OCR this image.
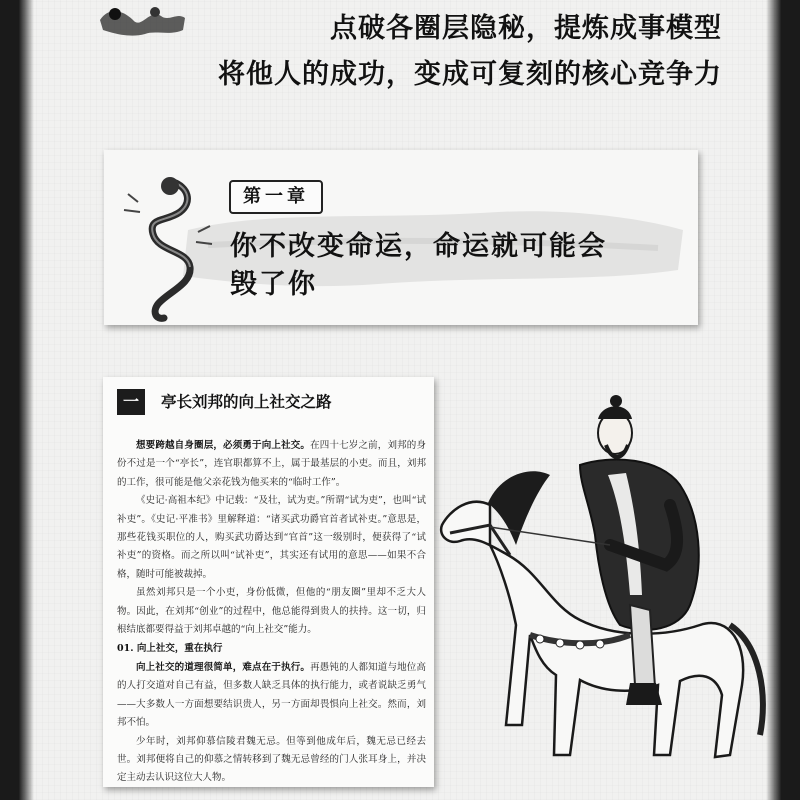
点破各圈层隐秘，提炼成事模型
将他人的成功，变成可复刻的核心竞争力
第一章
你不改变命运，命运就可能会
毁了你
一	亭长刘邦的向上社交之路

想要跨越自身圈层，必须勇于向上社交。在四十七岁之前，刘邦的身份不过是一个“亭长”，连官职都算不上，属于最基层的小吏。而且，刘邦的工作，很可能是他父亲花钱为他买来的“临时工作”。

《史记·高祖本纪》中记载：“及壮，试为吏。”所谓“试为吏”，也叫“试补吏”。《史记·平准书》里解释道：“诸买武功爵官首者试补吏。”意思是，那些花钱买职位的人，购买武功爵达到“官首”这一级别时，便获得了“试补吏”的资格。而之所以叫“试补吏”，其实还有试用的意思——如果不合格，随时可能被裁掉。

虽然刘邦只是一个小吏，身份低微，但他的“朋友圈”里却不乏大人物。因此，在刘邦“创业”的过程中，他总能得到贵人的扶持。这一切，归根结底都要得益于刘邦卓越的“向上社交”能力。

01. 向上社交，重在执行

向上社交的道理很简单，难点在于执行。再愚钝的人都知道与地位高的人打交道对自己有益，但多数人缺乏具体的执行能力，或者说缺乏勇气——大多数人一方面想要结识贵人，另一方面却畏惧向上社交。然而，刘邦不怕。

少年时，刘邦仰慕信陵君魏无忌。但等到他成年后，魏无忌已经去世。刘邦便将自己的仰慕之情转移到了魏无忌曾经的门人张耳身上，并决定主动去认识这位大人物。
